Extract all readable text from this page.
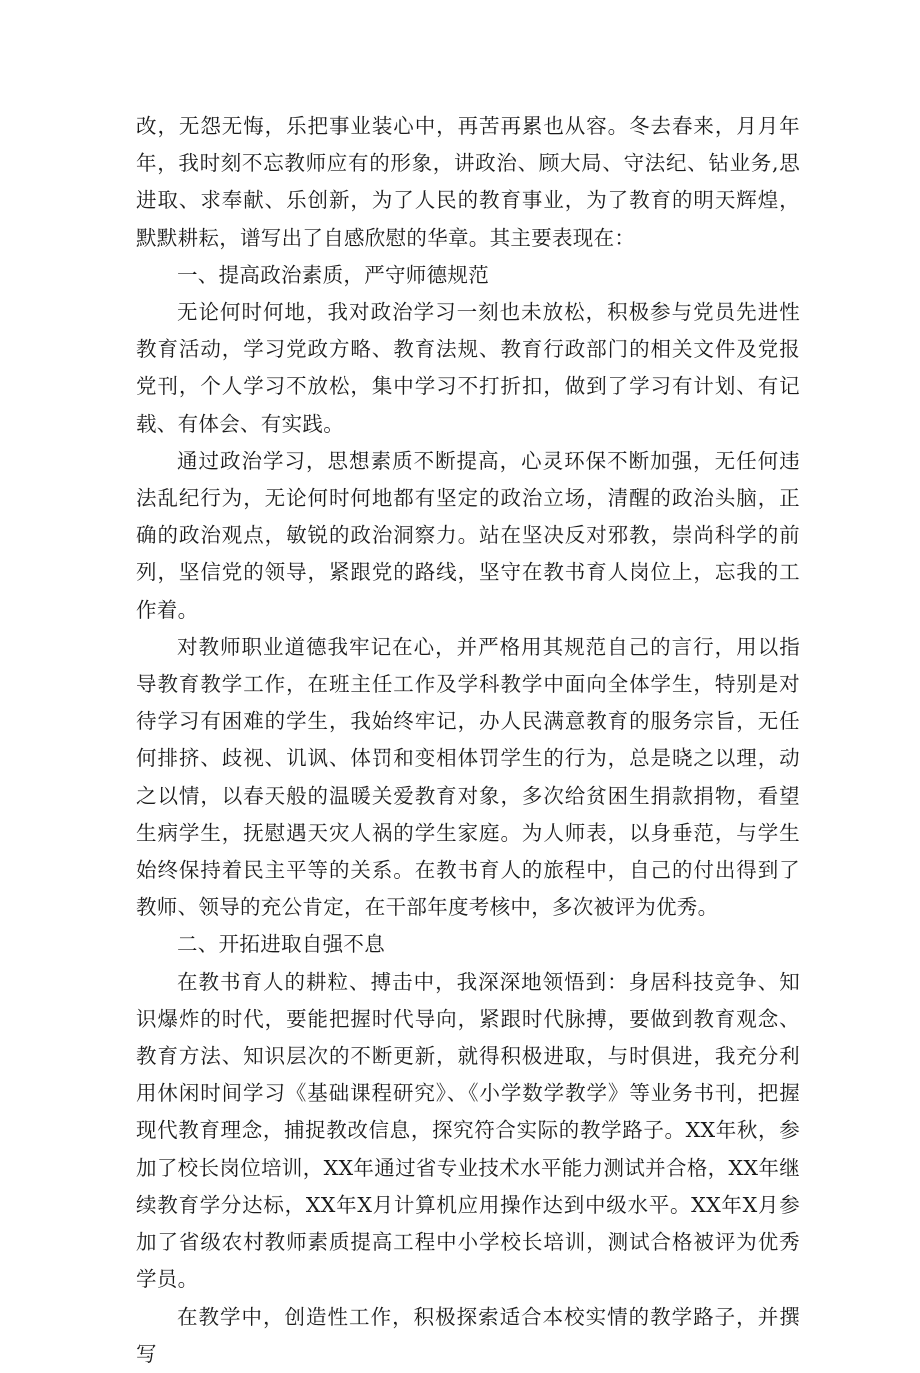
改，无怨无悔，乐把事业装心中，再苦再累也从容。冬去春来，月月年年，我时刻不忘教师应有的形象，讲政治、顾大局、守法纪、钻业务,思进取、求奉献、乐创新，为了人民的教育事业，为了教育的明天辉煌，默默耕耘，谱写出了自感欣慰的华章。其主要表现在：

一、提高政治素质，严守师德规范

无论何时何地，我对政治学习一刻也未放松，积极参与党员先进性教育活动，学习党政方略、教育法规、教育行政部门的相关文件及党报党刊，个人学习不放松，集中学习不打折扣，做到了学习有计划、有记载、有体会、有实践。

通过政治学习，思想素质不断提高，心灵环保不断加强，无任何违法乱纪行为，无论何时何地都有坚定的政治立场，清醒的政治头脑，正确的政治观点，敏锐的政治洞察力。站在坚决反对邪教，崇尚科学的前列，坚信党的领导，紧跟党的路线，坚守在教书育人岗位上，忘我的工作着。

对教师职业道德我牢记在心，并严格用其规范自己的言行，用以指导教育教学工作，在班主任工作及学科教学中面向全体学生，特别是对待学习有困难的学生，我始终牢记，办人民满意教育的服务宗旨，无任何排挤、歧视、讥讽、体罚和变相体罚学生的行为，总是晓之以理，动之以情，以春天般的温暖关爱教育对象，多次给贫困生捐款捐物，看望生病学生，抚慰遇天灾人祸的学生家庭。为人师表，以身垂范，与学生始终保持着民主平等的关系。在教书育人的旅程中，自己的付出得到了教师、领导的充公肯定，在干部年度考核中，多次被评为优秀。

二、开拓进取自强不息

在教书育人的耕粒、搏击中，我深深地领悟到：身居科技竞争、知识爆炸的时代，要能把握时代导向，紧跟时代脉搏，要做到教育观念、教育方法、知识层次的不断更新，就得积极进取，与时俱进，我充分利用休闲时间学习《基础课程研究》、《小学数学教学》等业务书刊，把握现代教育理念，捕捉教改信息，探究符合实际的教学路子。XX年秋，参加了校长岗位培训，XX年通过省专业技术水平能力测试并合格，XX年继续教育学分达标，XX年X月计算机应用操作达到中级水平。XX年X月参加了省级农村教师素质提高工程中小学校长培训，测试合格被评为优秀学员。

在教学中，创造性工作，积极探索适合本校实情的教学路子，并撰写
